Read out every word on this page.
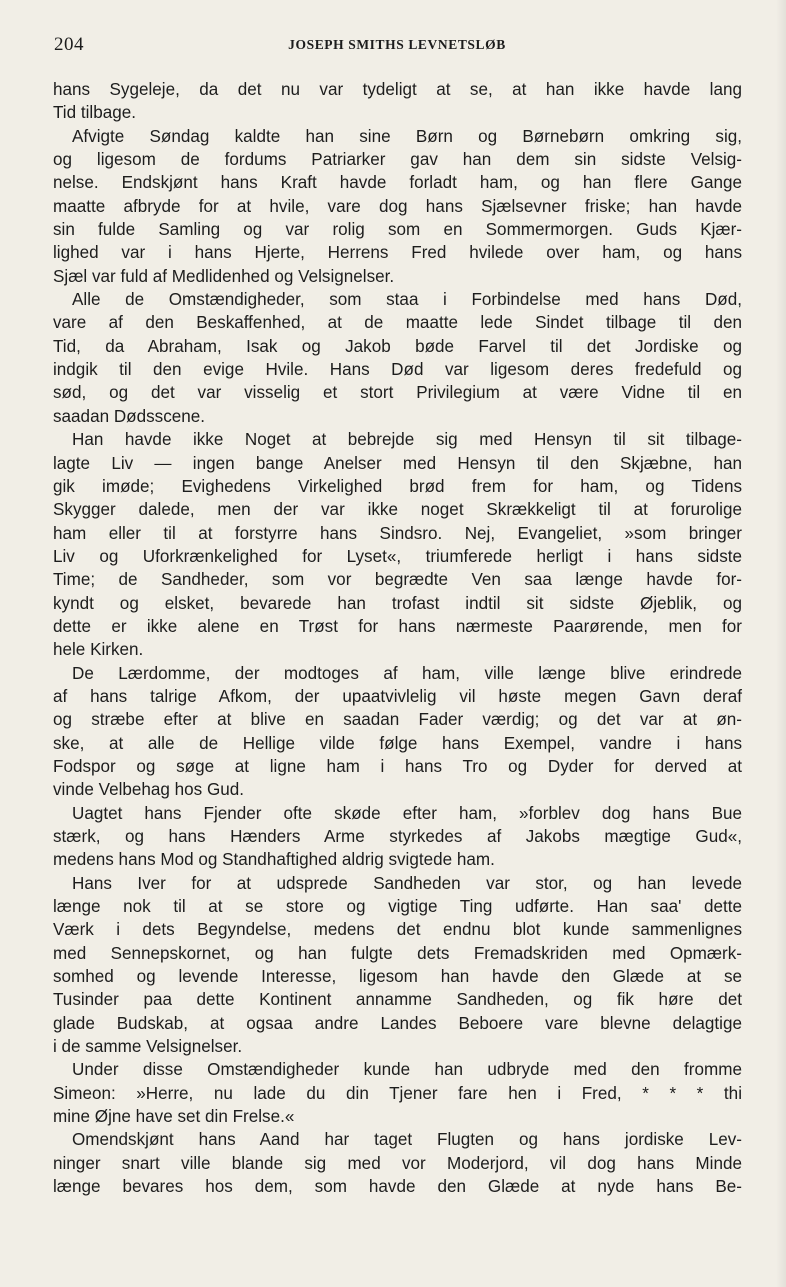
204	JOSEPH SMITHS LEVNETSLØB
hans Sygeleje, da det nu var tydeligt at se, at han ikke havde lang
Tid tilbage.
Afvigte Søndag kaldte han sine Børn og Børnebørn omkring sig,
og ligesom de fordums Patriarker gav han dem sin sidste Velsig-
nelse. Endskjønt hans Kraft havde forladt ham, og han flere Gange
maatte afbryde for at hvile, vare dog hans Sjælsevner friske; han havde
sin fulde Samling og var rolig som en Sommermorgen. Guds Kjær-
lighed var i hans Hjerte, Herrens Fred hvilede over ham, og hans
Sjæl var fuld af Medlidenhed og Velsignelser.
Alle de Omstændigheder, som staa i Forbindelse med hans Død,
vare af den Beskaffenhed, at de maatte lede Sindet tilbage til den
Tid, da Abraham, Isak og Jakob bøde Farvel til det Jordiske og
indgik til den evige Hvile. Hans Død var ligesom deres fredefuld og
sød, og det var visselig et stort Privilegium at være Vidne til en
saadan Dødsscene.
Han havde ikke Noget at bebrejde sig med Hensyn til sit tilbage-
lagte Liv — ingen bange Anelser med Hensyn til den Skjæbne, han
gik imøde; Evighedens Virkelighed brød frem for ham, og Tidens
Skygger dalede, men der var ikke noget Skrækkeligt til at forurolige
ham eller til at forstyrre hans Sindsro. Nej, Evangeliet, »som bringer
Liv og Uforkrænkelighed for Lyset«, triumferede herligt i hans sidste
Time; de Sandheder, som vor begrædte Ven saa længe havde for-
kyndt og elsket, bevarede han trofast indtil sit sidste Øjeblik, og
dette er ikke alene en Trøst for hans nærmeste Paarørende, men for
hele Kirken.
De Lærdomme, der modtoges af ham, ville længe blive erindrede
af hans talrige Afkom, der upaatvivlelig vil høste megen Gavn deraf
og stræbe efter at blive en saadan Fader værdig; og det var at øn-
ske, at alle de Hellige vilde følge hans Exempel, vandre i hans
Fodspor og søge at ligne ham i hans Tro og Dyder for derved at
vinde Velbehag hos Gud.
Uagtet hans Fjender ofte skøde efter ham, »forblev dog hans Bue
stærk, og hans Hænders Arme styrkedes af Jakobs mægtige Gud«,
medens hans Mod og Standhaftighed aldrig svigtede ham.
Hans Iver for at udsprede Sandheden var stor, og han levede
længe nok til at se store og vigtige Ting udførte. Han saa' dette
Værk i dets Begyndelse, medens det endnu blot kunde sammenlignes
med Sennepskornet, og han fulgte dets Fremadskriden med Opmærk-
somhed og levende Interesse, ligesom han havde den Glæde at se
Tusinder paa dette Kontinent annamme Sandheden, og fik høre det
glade Budskab, at ogsaa andre Landes Beboere vare blevne delagtige
i de samme Velsignelser.
Under disse Omstændigheder kunde han udbryde med den fromme
Simeon: »Herre, nu lade du din Tjener fare hen i Fred, * * * thi
mine Øjne have set din Frelse.«
Omendskjønt hans Aand har taget Flugten og hans jordiske Lev-
ninger snart ville blande sig med vor Moderjord, vil dog hans Minde
længe bevares hos dem, som havde den Glæde at nyde hans Be-
